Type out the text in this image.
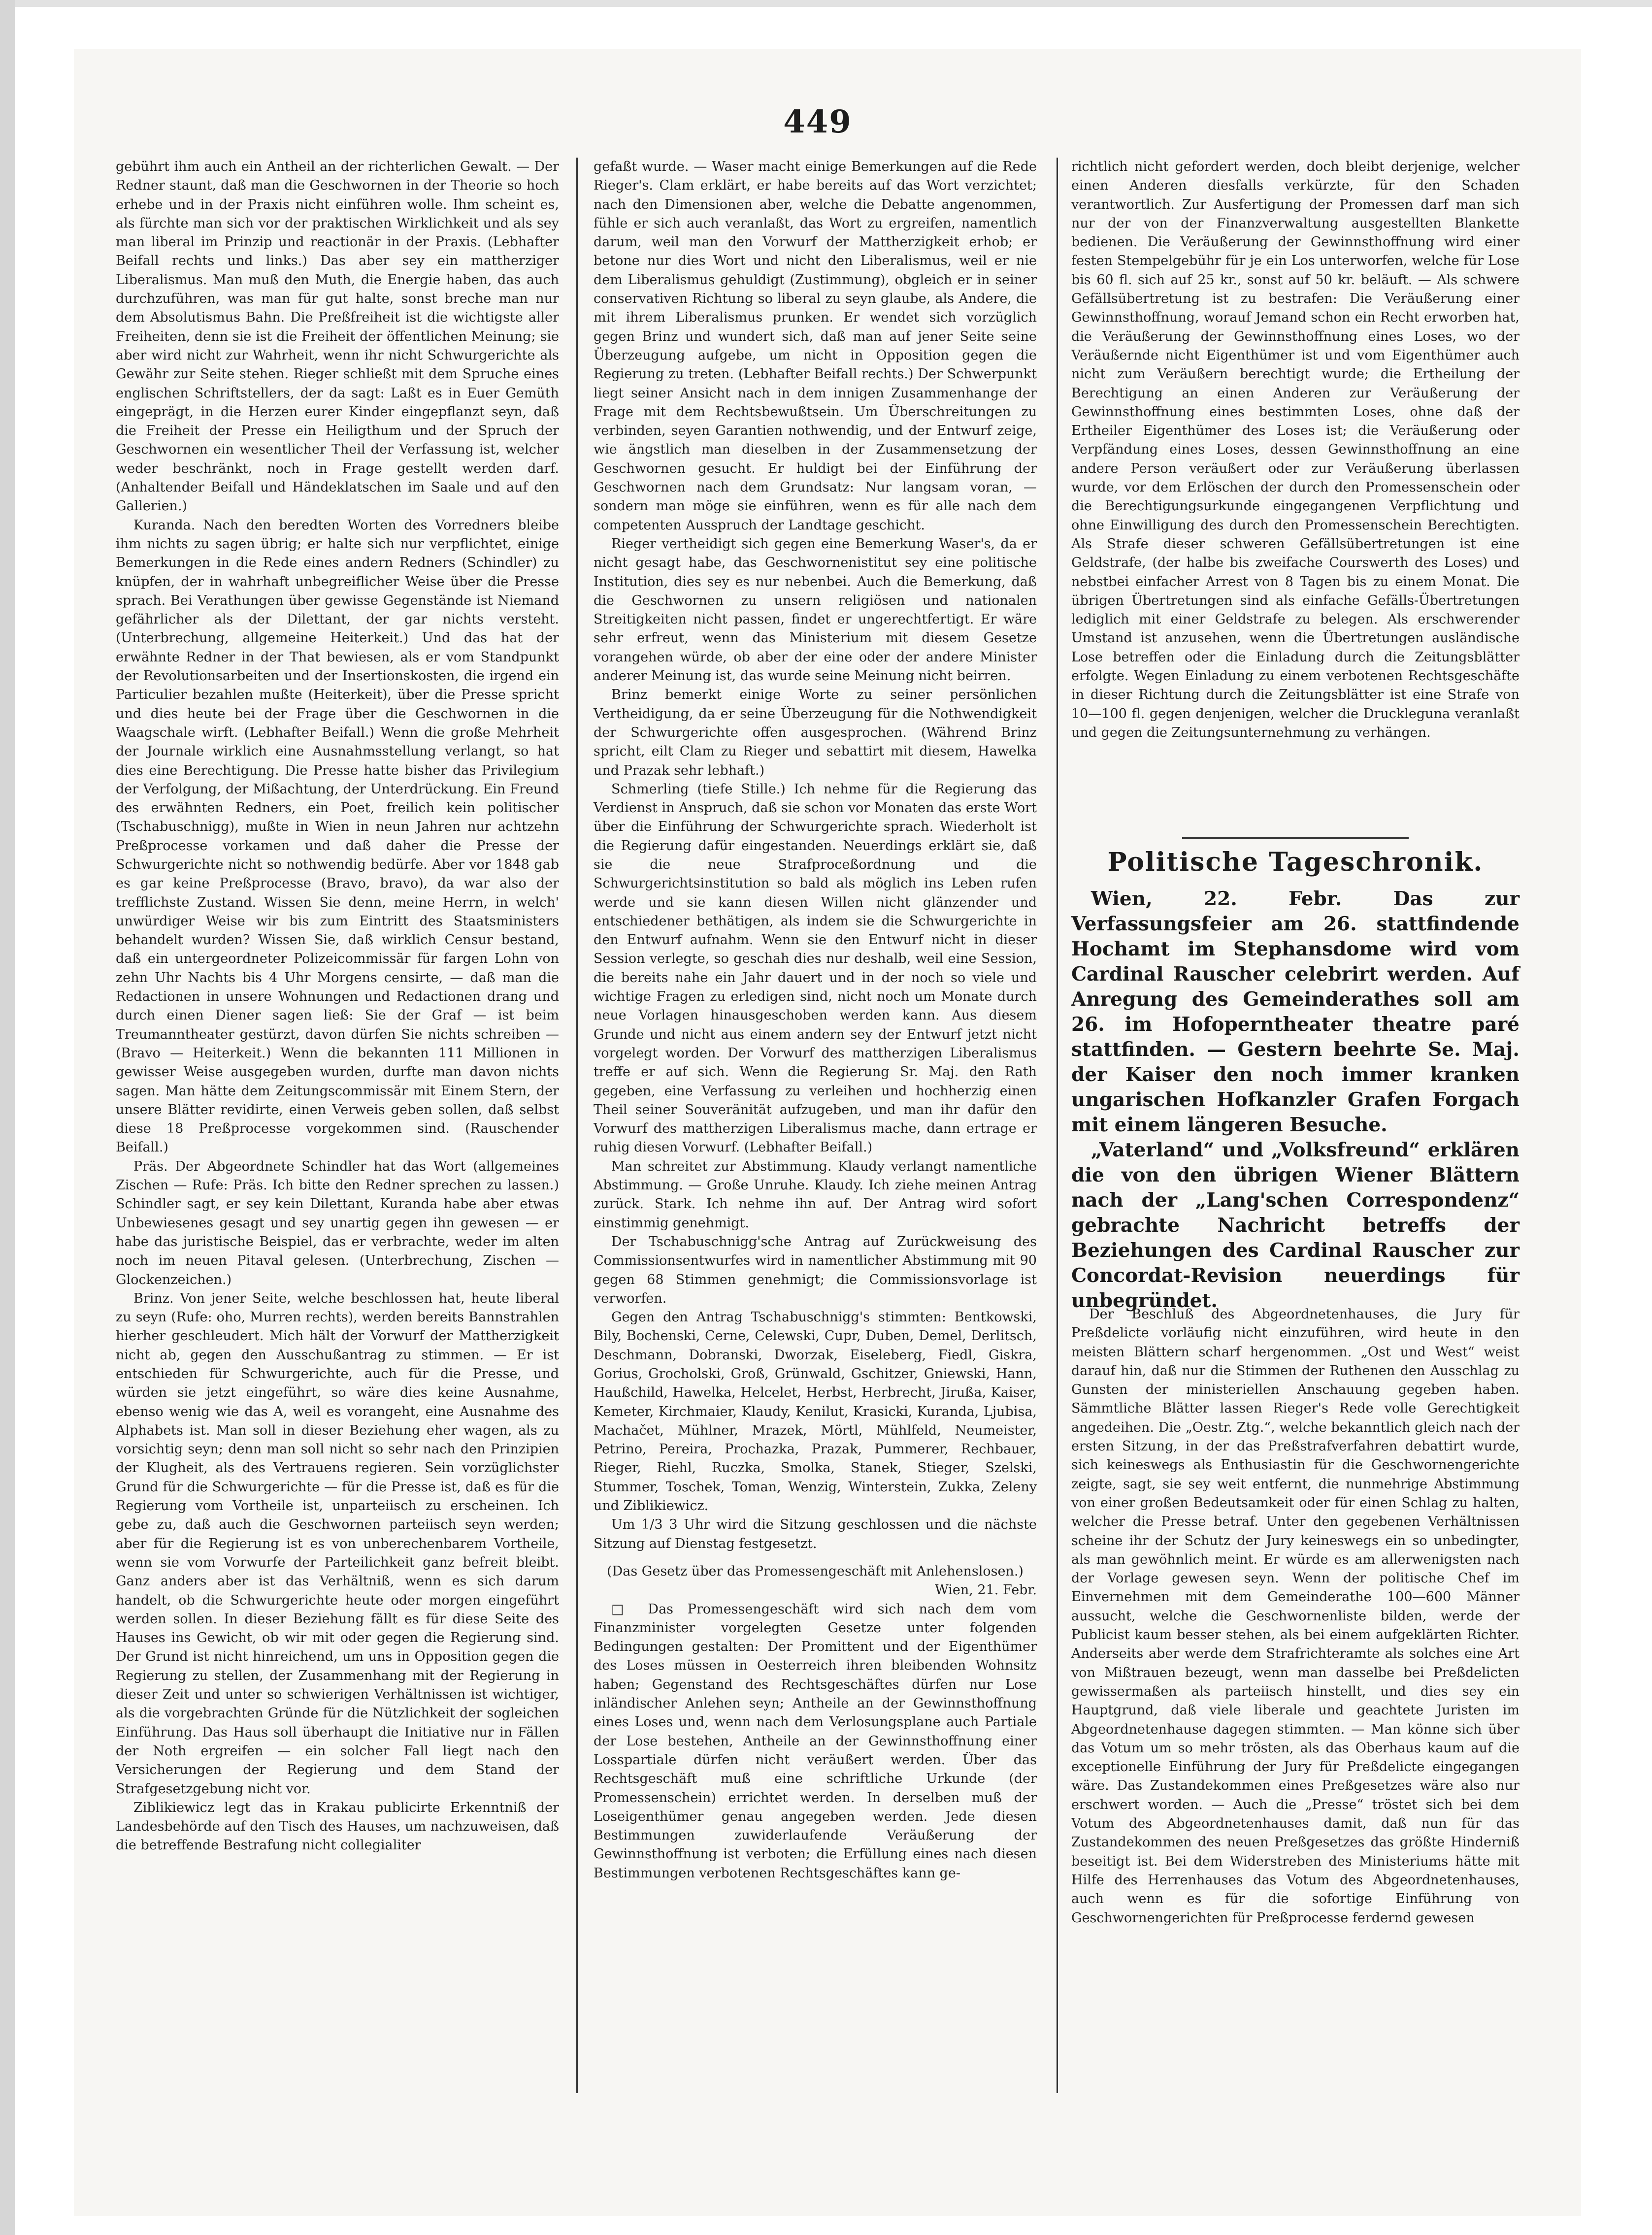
449

gebührt ihm auch ein Antheil an der richterlichen Gewalt. — Der Redner staunt, daß man die Geschwornen in der Theorie so hoch erhebe und in der Praxis nicht einführen wolle. Ihm scheint es, als fürchte man sich vor der praktischen Wirklichkeit und als sey man liberal im Prinzip und reactionär in der Praxis. (Lebhafter Beifall rechts und links.) Das aber sey ein mattherziger Liberalismus. Man muß den Muth, die Energie haben, das auch durchzuführen, was man für gut halte, sonst breche man nur dem Absolutismus Bahn. Die Preßfreiheit ist die wichtigste aller Freiheiten, denn sie ist die Freiheit der öffentlichen Meinung; sie aber wird nicht zur Wahrheit, wenn ihr nicht Schwurgerichte als Gewähr zur Seite stehen. Rieger schließt mit dem Spruche eines englischen Schriftstellers, der da sagt: Laßt es in Euer Gemüth eingeprägt, in die Herzen eurer Kinder eingepflanzt seyn, daß die Freiheit der Presse ein Heiligthum und der Spruch der Geschwornen ein wesentlicher Theil der Verfassung ist, welcher weder beschränkt, noch in Frage gestellt werden darf. (Anhaltender Beifall und Händeklatschen im Saale und auf den Gallerien.)

Kuranda. Nach den beredten Worten des Vorredners bleibe ihm nichts zu sagen übrig; er halte sich nur verpflichtet, einige Bemerkungen in die Rede eines andern Redners (Schindler) zu knüpfen, der in wahrhaft unbegreiflicher Weise über die Presse sprach. Bei Verathungen über gewisse Gegenstände ist Niemand gefährlicher als der Dilettant, der gar nichts versteht. (Unterbrechung, allgemeine Heiterkeit.) Und das hat der erwähnte Redner in der That bewiesen, als er vom Standpunkt der Revolutionsarbeiten und der Insertionskosten, die irgend ein Particulier bezahlen mußte (Heiterkeit), über die Presse spricht und dies heute bei der Frage über die Geschwornen in die Waagschale wirft. (Lebhafter Beifall.) Wenn die große Mehrheit der Journale wirklich eine Ausnahmsstellung verlangt, so hat dies eine Berechtigung. Die Presse hatte bisher das Privilegium der Verfolgung, der Mißachtung, der Unterdrückung. Ein Freund des erwähnten Redners, ein Poet, freilich kein politischer (Tschabuschnigg), mußte in Wien in neun Jahren nur achtzehn Preßprocesse vorkamen und daß daher die Presse der Schwurgerichte nicht so nothwendig bedürfe. Aber vor 1848 gab es gar keine Preßprocesse (Bravo, bravo), da war also der trefflichste Zustand. Wissen Sie denn, meine Herrn, in welch' unwürdiger Weise wir bis zum Eintritt des Staatsministers behandelt wurden? Wissen Sie, daß wirklich Censur bestand, daß ein untergeordneter Polizeicommissär für fargen Lohn von zehn Uhr Nachts bis 4 Uhr Morgens censirte, — daß man die Redactionen in unsere Wohnungen und Redactionen drang und durch einen Diener sagen ließ: Sie der Graf — ist beim Treumanntheater gestürzt, davon dürfen Sie nichts schreiben — (Bravo — Heiterkeit.) Wenn die bekannten 111 Millionen in gewisser Weise ausgegeben wurden, durfte man davon nichts sagen. Man hätte dem Zeitungscommissär mit Einem Stern, der unsere Blätter revidirte, einen Verweis geben sollen, daß selbst diese 18 Preßprocesse vorgekommen sind. (Rauschender Beifall.)

Präs. Der Abgeordnete Schindler hat das Wort (allgemeines Zischen — Rufe: Präs. Ich bitte den Redner sprechen zu lassen.) Schindler sagt, er sey kein Dilettant, Kuranda habe aber etwas Unbewiesenes gesagt und sey unartig gegen ihn gewesen — er habe das juristische Beispiel, das er verbrachte, weder im alten noch im neuen Pitaval gelesen. (Unterbrechung, Zischen — Glockenzeichen.)

Brinz. Von jener Seite, welche beschlossen hat, heute liberal zu seyn (Rufe: oho, Murren rechts), werden bereits Bannstrahlen hierher geschleudert. Mich hält der Vorwurf der Mattherzigkeit nicht ab, gegen den Ausschußantrag zu stimmen. — Er ist entschieden für Schwurgerichte, auch für die Presse, und würden sie jetzt eingeführt, so wäre dies keine Ausnahme, ebenso wenig wie das A, weil es vorangeht, eine Ausnahme des Alphabets ist. Man soll in dieser Beziehung eher wagen, als zu vorsichtig seyn; denn man soll nicht so sehr nach den Prinzipien der Klugheit, als des Vertrauens regieren. Sein vorzüglichster Grund für die Schwurgerichte — für die Presse ist, daß es für die Regierung vom Vortheile ist, unparteiisch zu erscheinen. Ich gebe zu, daß auch die Geschwornen parteiisch seyn werden; aber für die Regierung ist es von unberechenbarem Vortheile, wenn sie vom Vorwurfe der Parteilichkeit ganz befreit bleibt. Ganz anders aber ist das Verhältniß, wenn es sich darum handelt, ob die Schwurgerichte heute oder morgen eingeführt werden sollen. In dieser Beziehung fällt es für diese Seite des Hauses ins Gewicht, ob wir mit oder gegen die Regierung sind. Der Grund ist nicht hinreichend, um uns in Opposition gegen die Regierung zu stellen, der Zusammenhang mit der Regierung in dieser Zeit und unter so schwierigen Verhältnissen ist wichtiger, als die vorgebrachten Gründe für die Nützlichkeit der sogleichen Einführung. Das Haus soll überhaupt die Initiative nur in Fällen der Noth ergreifen — ein solcher Fall liegt nach den Versicherungen der Regierung und dem Stand der Strafgesetzgebung nicht vor.

Ziblikiewicz legt das in Krakau publicirte Erkenntniß der Landesbehörde auf den Tisch des Hauses, um nachzuweisen, daß die betreffende Bestrafung nicht collegialiter

gefaßt wurde. — Waser macht einige Bemerkungen auf die Rede Rieger's. Clam erklärt, er habe bereits auf das Wort verzichtet; nach den Dimensionen aber, welche die Debatte angenommen, fühle er sich auch veranlaßt, das Wort zu ergreifen, namentlich darum, weil man den Vorwurf der Mattherzigkeit erhob; er betone nur dies Wort und nicht den Liberalismus, weil er nie dem Liberalismus gehuldigt (Zustimmung), obgleich er in seiner conservativen Richtung so liberal zu seyn glaube, als Andere, die mit ihrem Liberalismus prunken. Er wendet sich vorzüglich gegen Brinz und wundert sich, daß man auf jener Seite seine Überzeugung aufgebe, um nicht in Opposition gegen die Regierung zu treten. (Lebhafter Beifall rechts.) Der Schwerpunkt liegt seiner Ansicht nach in dem innigen Zusammenhange der Frage mit dem Rechtsbewußtsein. Um Überschreitungen zu verbinden, seyen Garantien nothwendig, und der Entwurf zeige, wie ängstlich man dieselben in der Zusammensetzung der Geschwornen gesucht. Er huldigt bei der Einführung der Geschwornen nach dem Grundsatz: Nur langsam voran, — sondern man möge sie einführen, wenn es für alle nach dem competenten Ausspruch der Landtage geschicht.

Rieger vertheidigt sich gegen eine Bemerkung Waser's, da er nicht gesagt habe, das Geschwornenistitut sey eine politische Institution, dies sey es nur nebenbei. Auch die Bemerkung, daß die Geschwornen zu unsern religiösen und nationalen Streitigkeiten nicht passen, findet er ungerechtfertigt. Er wäre sehr erfreut, wenn das Ministerium mit diesem Gesetze vorangehen würde, ob aber der eine oder der andere Minister anderer Meinung ist, das wurde seine Meinung nicht beirren.

Brinz bemerkt einige Worte zu seiner persönlichen Vertheidigung, da er seine Überzeugung für die Nothwendigkeit der Schwurgerichte offen ausgesprochen. (Während Brinz spricht, eilt Clam zu Rieger und sebattirt mit diesem, Hawelka und Prazak sehr lebhaft.)

Schmerling (tiefe Stille.) Ich nehme für die Regierung das Verdienst in Anspruch, daß sie schon vor Monaten das erste Wort über die Einführung der Schwurgerichte sprach. Wiederholt ist die Regierung dafür eingestanden. Neuerdings erklärt sie, daß sie die neue Strafproceßordnung und die Schwurgerichtsinstitution so bald als möglich ins Leben rufen werde und sie kann diesen Willen nicht glänzender und entschiedener bethätigen, als indem sie die Schwurgerichte in den Entwurf aufnahm. Wenn sie den Entwurf nicht in dieser Session verlegte, so geschah dies nur deshalb, weil eine Session, die bereits nahe ein Jahr dauert und in der noch so viele und wichtige Fragen zu erledigen sind, nicht noch um Monate durch neue Vorlagen hinausgeschoben werden kann. Aus diesem Grunde und nicht aus einem andern sey der Entwurf jetzt nicht vorgelegt worden. Der Vorwurf des mattherzigen Liberalismus treffe er auf sich. Wenn die Regierung Sr. Maj. den Rath gegeben, eine Verfassung zu verleihen und hochherzig einen Theil seiner Souveränität aufzugeben, und man ihr dafür den Vorwurf des mattherzigen Liberalismus mache, dann ertrage er ruhig diesen Vorwurf. (Lebhafter Beifall.)

Man schreitet zur Abstimmung. Klaudy verlangt namentliche Abstimmung. — Große Unruhe. Klaudy. Ich ziehe meinen Antrag zurück. Stark. Ich nehme ihn auf. Der Antrag wird sofort einstimmig genehmigt.

Der Tschabuschnigg'sche Antrag auf Zurückweisung des Commissionsentwurfes wird in namentlicher Abstimmung mit 90 gegen 68 Stimmen genehmigt; die Commissionsvorlage ist verworfen.

Gegen den Antrag Tschabuschnigg's stimmten: Bentkowski, Bily, Bochenski, Cerne, Celewski, Cupr, Duben, Demel, Derlitsch, Deschmann, Dobranski, Dworzak, Eiseleberg, Fiedl, Giskra, Gorius, Grocholski, Groß, Grünwald, Gschitzer, Gniewski, Hann, Haußchild, Hawelka, Helcelet, Herbst, Herbrecht, Jirußa, Kaiser, Kemeter, Kirchmaier, Klaudy, Kenilut, Krasicki, Kuranda, Ljubisa, Machačet, Mühlner, Mrazek, Mörtl, Mühlfeld, Neumeister, Petrino, Pereira, Prochazka, Prazak, Pummerer, Rechbauer, Rieger, Riehl, Ruczka, Smolka, Stanek, Stieger, Szelski, Stummer, Toschek, Toman, Wenzig, Winterstein, Zukka, Zeleny und Ziblikiewicz.

Um 1/3 3 Uhr wird die Sitzung geschlossen und die nächste Sitzung auf Dienstag festgesetzt.

(Das Gesetz über das Promessengeschäft mit Anlehenslosen.)

Wien, 21. Febr.

□ Das Promessengeschäft wird sich nach dem vom Finanzminister vorgelegten Gesetze unter folgenden Bedingungen gestalten: Der Promittent und der Eigenthümer des Loses müssen in Oesterreich ihren bleibenden Wohnsitz haben; Gegenstand des Rechtsgeschäftes dürfen nur Lose inländischer Anlehen seyn; Antheile an der Gewinnsthoffnung eines Loses und, wenn nach dem Verlosungsplane auch Partiale der Lose bestehen, Antheile an der Gewinnsthoffnung einer Losspartiale dürfen nicht veräußert werden. Über das Rechtsgeschäft muß eine schriftliche Urkunde (der Promessenschein) errichtet werden. In derselben muß der Loseigenthümer genau angegeben werden. Jede diesen Bestimmungen zuwiderlaufende Veräußerung der Gewinnsthoffnung ist verboten; die Erfüllung eines nach diesen Bestimmungen verbotenen Rechtsgeschäftes kann ge-

richtlich nicht gefordert werden, doch bleibt derjenige, welcher einen Anderen diesfalls verkürzte, für den Schaden verantwortlich. Zur Ausfertigung der Promessen darf man sich nur der von der Finanzverwaltung ausgestellten Blankette bedienen. Die Veräußerung der Gewinnsthoffnung wird einer festen Stempelgebühr für je ein Los unterworfen, welche für Lose bis 60 fl. sich auf 25 kr., sonst auf 50 kr. beläuft. — Als schwere Gefällsübertretung ist zu bestrafen: Die Veräußerung einer Gewinnsthoffnung, worauf Jemand schon ein Recht erworben hat, die Veräußerung der Gewinnsthoffnung eines Loses, wo der Veräußernde nicht Eigenthümer ist und vom Eigenthümer auch nicht zum Veräußern berechtigt wurde; die Ertheilung der Berechtigung an einen Anderen zur Veräußerung der Gewinnsthoffnung eines bestimmten Loses, ohne daß der Ertheiler Eigenthümer des Loses ist; die Veräußerung oder Verpfändung eines Loses, dessen Gewinnsthoffnung an eine andere Person veräußert oder zur Veräußerung überlassen wurde, vor dem Erlöschen der durch den Promessenschein oder die Berechtigungsurkunde eingegangenen Verpflichtung und ohne Einwilligung des durch den Promessenschein Berechtigten. Als Strafe dieser schweren Gefällsübertretungen ist eine Geldstrafe, (der halbe bis zweifache Courswerth des Loses) und nebstbei einfacher Arrest von 8 Tagen bis zu einem Monat. Die übrigen Übertretungen sind als einfache Gefälls-Übertretungen lediglich mit einer Geldstrafe zu belegen. Als erschwerender Umstand ist anzusehen, wenn die Übertretungen ausländische Lose betreffen oder die Einladung durch die Zeitungsblätter erfolgte. Wegen Einladung zu einem verbotenen Rechtsgeschäfte in dieser Richtung durch die Zeitungsblätter ist eine Strafe von 10—100 fl. gegen denjenigen, welcher die Druckleguna veranlaßt und gegen die Zeitungsunternehmung zu verhängen.

Politische Tageschronik.

Wien, 22. Febr. Das zur Verfassungsfeier am 26. stattfindende Hochamt im Stephansdome wird vom Cardinal Rauscher celebrirt werden. Auf Anregung des Gemeinderathes soll am 26. im Hofoperntheater theatre paré stattfinden. — Gestern beehrte Se. Maj. der Kaiser den noch immer kranken ungarischen Hofkanzler Grafen Forgach mit einem längeren Besuche.

„Vaterland“ und „Volksfreund“ erklären die von den übrigen Wiener Blättern nach der „Lang'schen Correspondenz“ gebrachte Nachricht betreffs der Beziehungen des Cardinal Rauscher zur Concordat-Revision neuerdings für unbegründet.

Der Beschluß des Abgeordnetenhauses, die Jury für Preßdelicte vorläufig nicht einzuführen, wird heute in den meisten Blättern scharf hergenommen. „Ost und West“ weist darauf hin, daß nur die Stimmen der Ruthenen den Ausschlag zu Gunsten der ministeriellen Anschauung gegeben haben. Sämmtliche Blätter lassen Rieger's Rede volle Gerechtigkeit angedeihen. Die „Oestr. Ztg.“, welche bekanntlich gleich nach der ersten Sitzung, in der das Preßstrafverfahren debattirt wurde, sich keineswegs als Enthusiastin für die Geschwornengerichte zeigte, sagt, sie sey weit entfernt, die nunmehrige Abstimmung von einer großen Bedeutsamkeit oder für einen Schlag zu halten, welcher die Presse betraf. Unter den gegebenen Verhältnissen scheine ihr der Schutz der Jury keineswegs ein so unbedingter, als man gewöhnlich meint. Er würde es am allerwenigsten nach der Vorlage gewesen seyn. Wenn der politische Chef im Einvernehmen mit dem Gemeinderathe 100—600 Männer aussucht, welche die Geschwornenliste bilden, werde der Publicist kaum besser stehen, als bei einem aufgeklärten Richter. Anderseits aber werde dem Strafrichteramte als solches eine Art von Mißtrauen bezeugt, wenn man dasselbe bei Preßdelicten gewissermaßen als parteiisch hinstellt, und dies sey ein Hauptgrund, daß viele liberale und geachtete Juristen im Abgeordnetenhause dagegen stimmten. — Man könne sich über das Votum um so mehr trösten, als das Oberhaus kaum auf die exceptionelle Einführung der Jury für Preßdelicte eingegangen wäre. Das Zustandekommen eines Preßgesetzes wäre also nur erschwert worden. — Auch die „Presse“ tröstet sich bei dem Votum des Abgeordnetenhauses damit, daß nun für das Zustandekommen des neuen Preßgesetzes das größte Hinderniß beseitigt ist. Bei dem Widerstreben des Ministeriums hätte mit Hilfe des Herrenhauses das Votum des Abgeordnetenhauses, auch wenn es für die sofortige Einführung von Geschwornengerichten für Preßprocesse ferdernd gewesen
